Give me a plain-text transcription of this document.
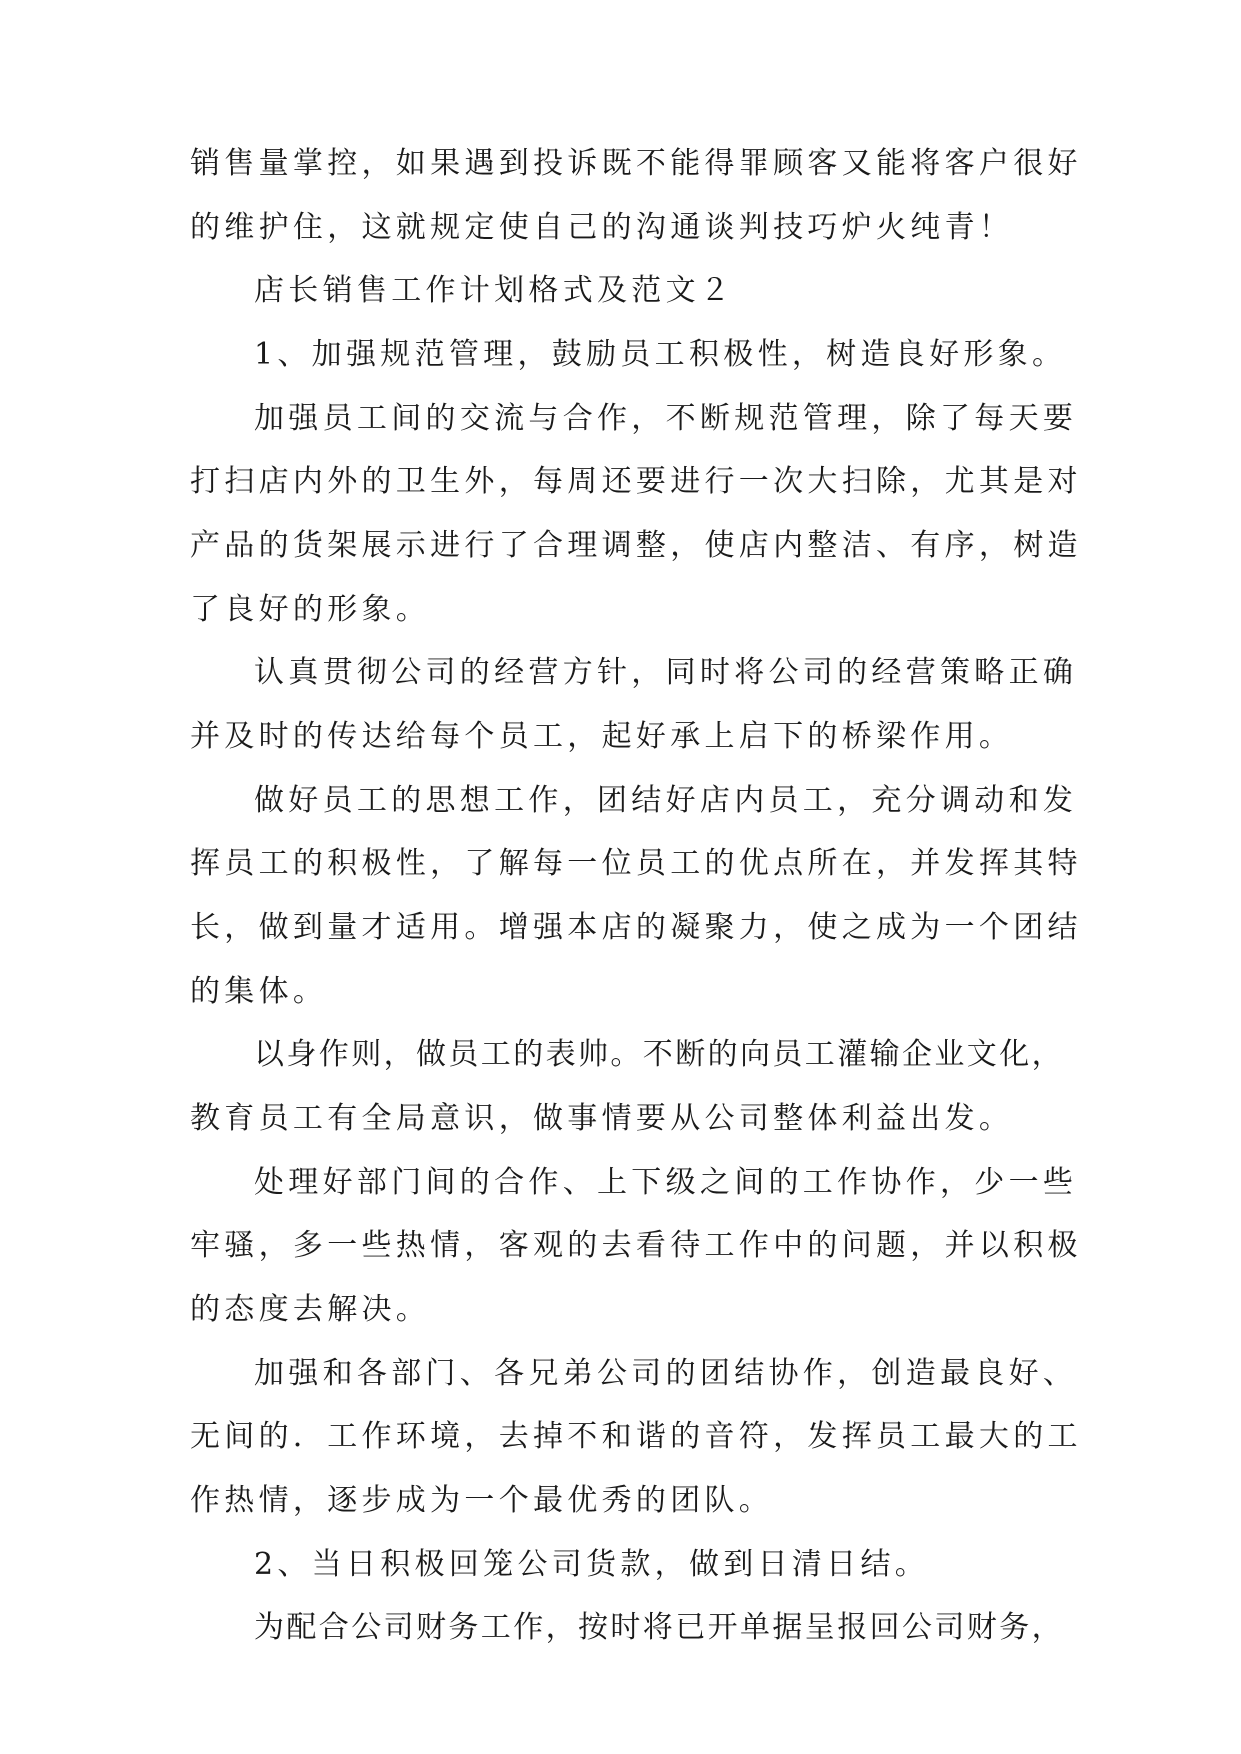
销售量掌控，如果遇到投诉既不能得罪顾客又能将客户很好
的维护住，这就规定使自己的沟通谈判技巧炉火纯青！
店长销售工作计划格式及范文２
1、加强规范管理，鼓励员工积极性，树造良好形象。
加强员工间的交流与合作，不断规范管理，除了每天要
打扫店内外的卫生外，每周还要进行一次大扫除，尤其是对
产品的货架展示进行了合理调整，使店内整洁、有序，树造
了良好的形象。
认真贯彻公司的经营方针，同时将公司的经营策略正确
并及时的传达给每个员工，起好承上启下的桥梁作用。
做好员工的思想工作，团结好店内员工，充分调动和发
挥员工的积极性，了解每一位员工的优点所在，并发挥其特
长，做到量才适用。增强本店的凝聚力，使之成为一个团结
的集体。
以身作则，做员工的表帅。不断的向员工灌输企业文化，
教育员工有全局意识，做事情要从公司整体利益出发。
处理好部门间的合作、上下级之间的工作协作，少一些
牢骚，多一些热情，客观的去看待工作中的问题，并以积极
的态度去解决。
加强和各部门、各兄弟公司的团结协作，创造最良好、
无间的．工作环境，去掉不和谐的音符，发挥员工最大的工
作热情，逐步成为一个最优秀的团队。
2、当日积极回笼公司货款，做到日清日结。
为配合公司财务工作，按时将已开单据呈报回公司财务，
